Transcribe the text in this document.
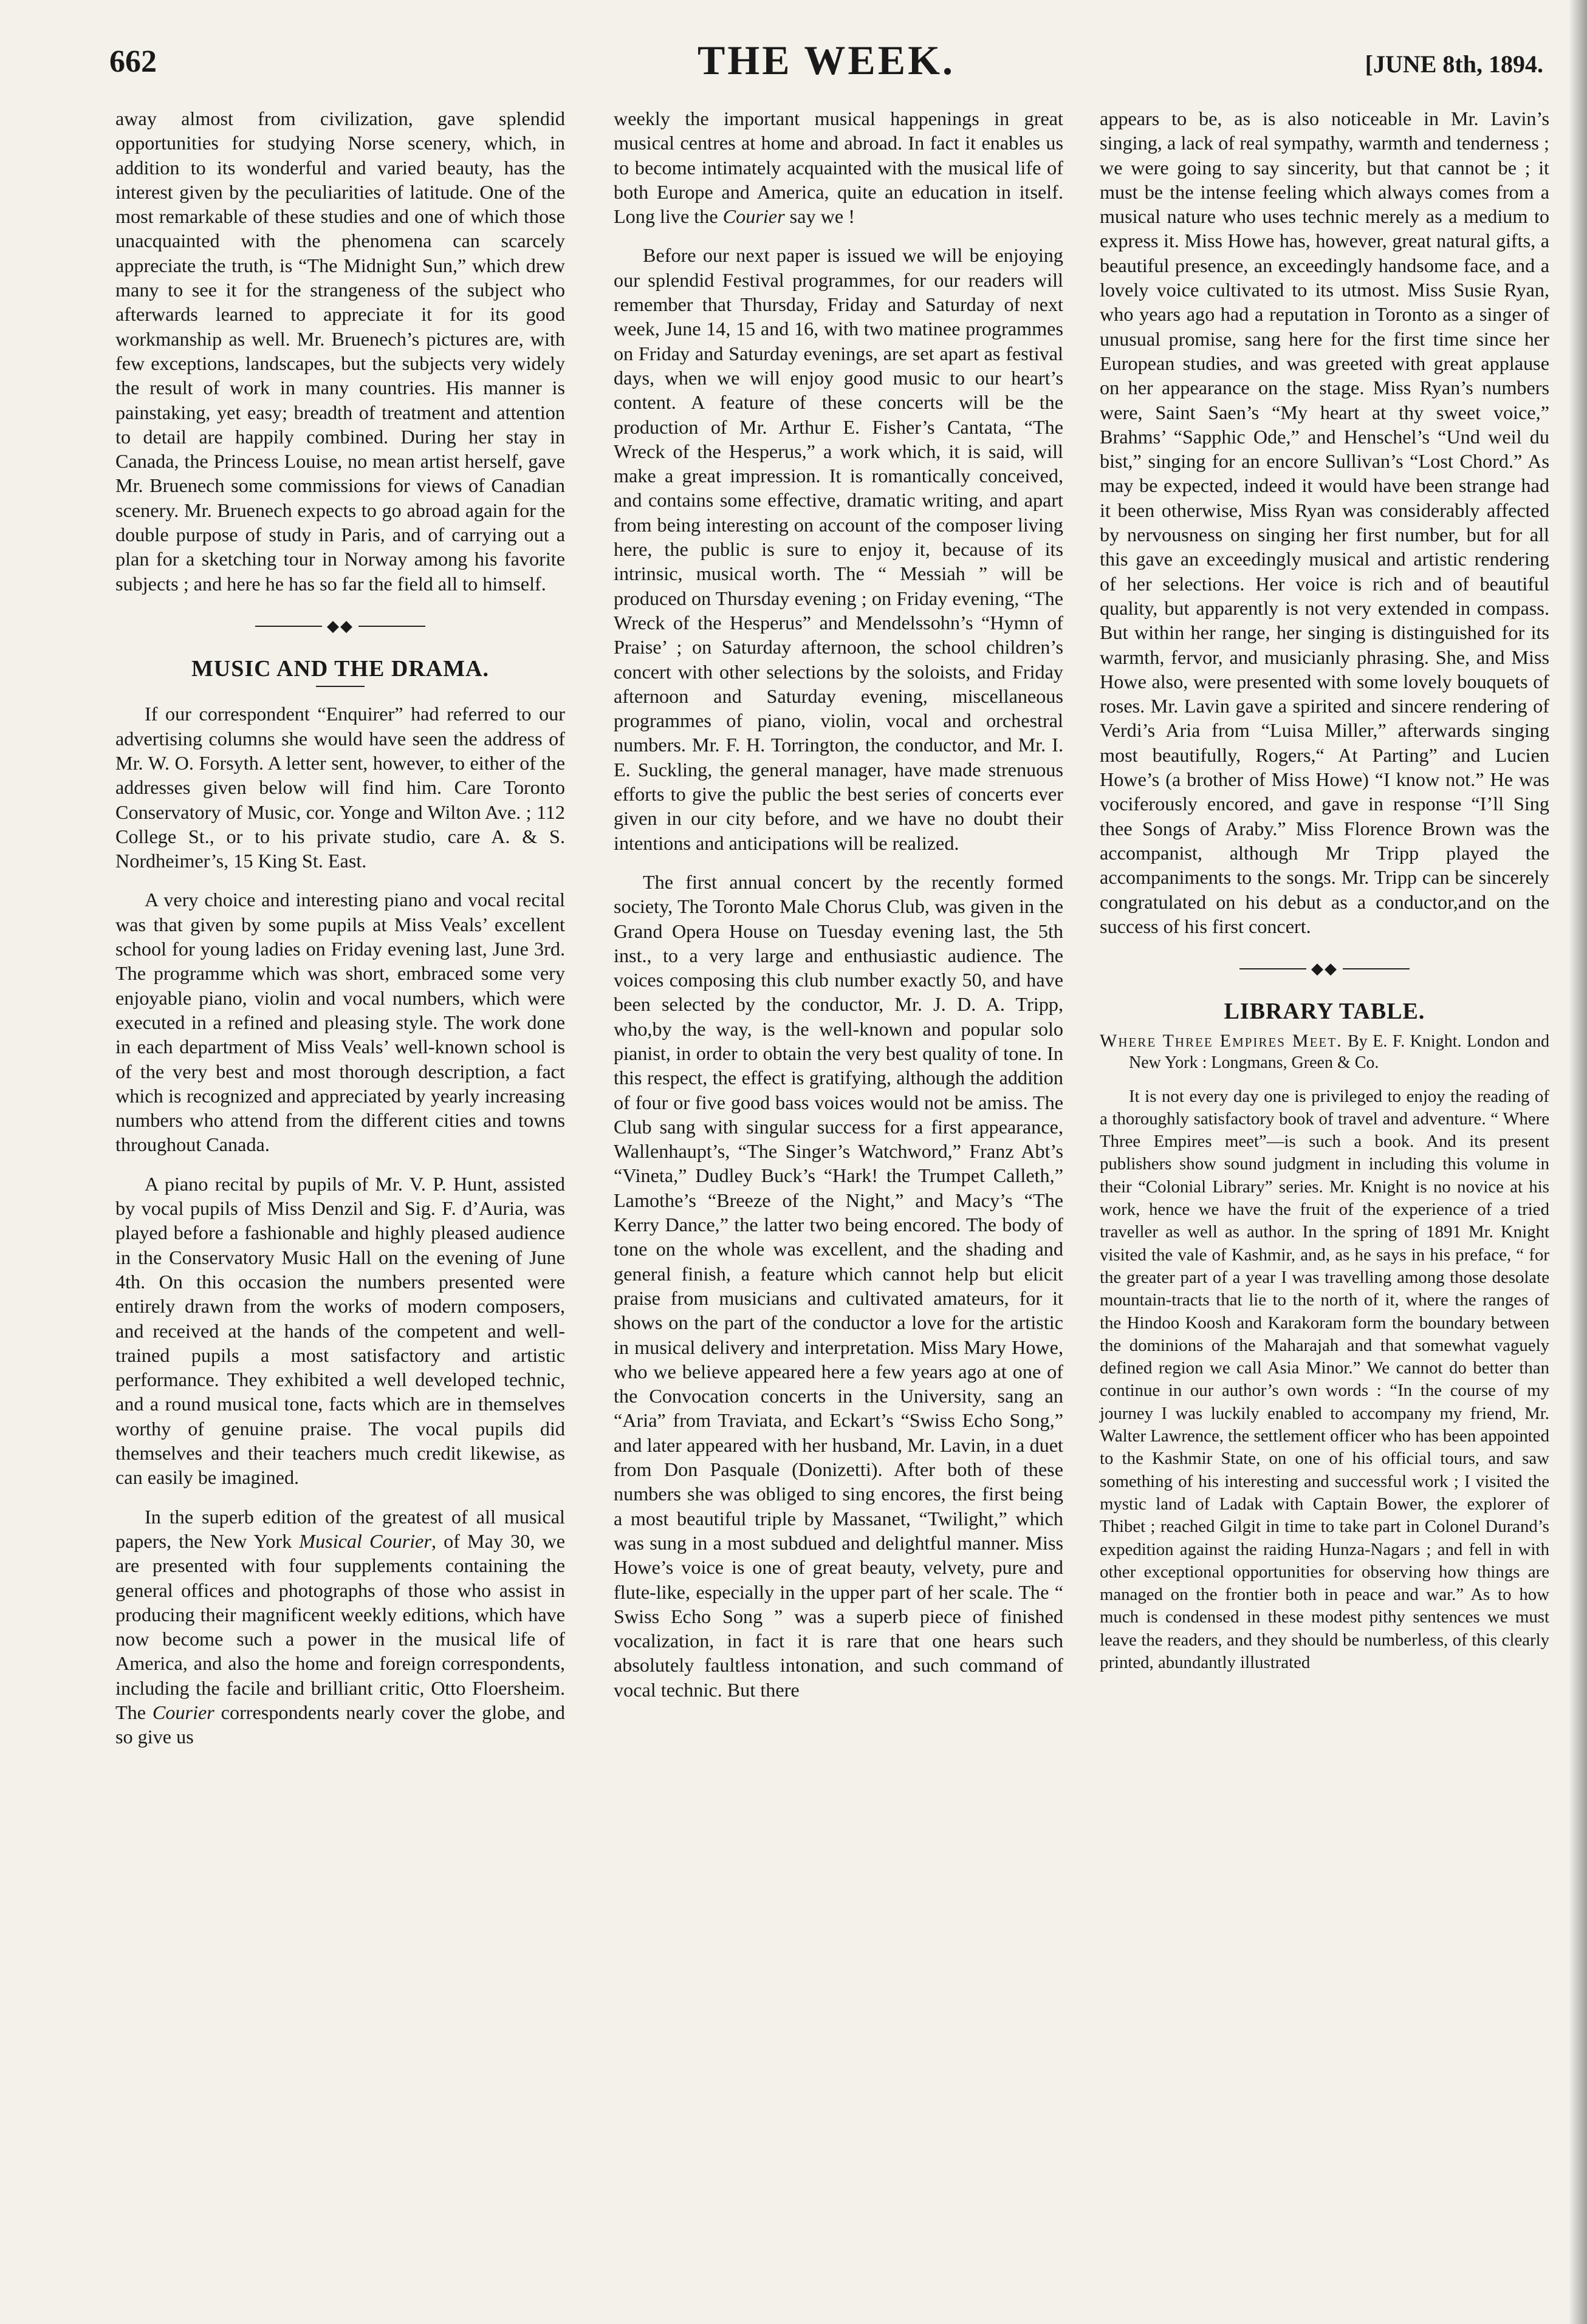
662	THE WEEK.	[JUNE 8th, 1894.

away almost from civilization, gave splendid opportunities for studying Norse scenery, which, in addition to its wonderful and varied beauty, has the interest given by the peculiarities of latitude. One of the most remarkable of these studies and one of which those unacquainted with the phenomena can scarcely appreciate the truth, is “The Midnight Sun,” which drew many to see it for the strangeness of the subject who afterwards learned to appreciate it for its good workmanship as well. Mr. Bruenech’s pictures are, with few exceptions, landscapes, but the subjects very widely the result of work in many countries. His manner is painstaking, yet easy; breadth of treatment and attention to detail are happily combined. During her stay in Canada, the Princess Louise, no mean artist herself, gave Mr. Bruenech some commissions for views of Canadian scenery. Mr. Bruenech expects to go abroad again for the double purpose of study in Paris, and of carrying out a plan for a sketching tour in Norway among his favorite subjects ; and here he has so far the field all to himself.

◆◆
MUSIC AND THE DRAMA.

If our correspondent “Enquirer” had referred to our advertising columns she would have seen the address of Mr. W. O. Forsyth. A letter sent, however, to either of the addresses given below will find him. Care Toronto Conservatory of Music, cor. Yonge and Wilton Ave. ; 112 College St., or to his private studio, care A. & S. Nordheimer’s, 15 King St. East.

A very choice and interesting piano and vocal recital was that given by some pupils at Miss Veals’ excellent school for young ladies on Friday evening last, June 3rd. The programme which was short, embraced some very enjoyable piano, violin and vocal numbers, which were executed in a refined and pleasing style. The work done in each department of Miss Veals’ well-known school is of the very best and most thorough description, a fact which is recognized and appreciated by yearly increasing numbers who attend from the different cities and towns throughout Canada.

A piano recital by pupils of Mr. V. P. Hunt, assisted by vocal pupils of Miss Denzil and Sig. F. d’Auria, was played before a fashionable and highly pleased audience in the Conservatory Music Hall on the evening of June 4th. On this occasion the numbers presented were entirely drawn from the works of modern composers, and received at the hands of the competent and well-trained pupils a most satisfactory and artistic performance. They exhibited a well developed technic, and a round musical tone, facts which are in themselves worthy of genuine praise. The vocal pupils did themselves and their teachers much credit likewise, as can easily be imagined.

In the superb edition of the greatest of all musical papers, the New York Musical Courier, of May 30, we are presented with four supplements containing the general offices and photographs of those who assist in producing their magnificent weekly editions, which have now become such a power in the musical life of America, and also the home and foreign correspondents, including the facile and brilliant critic, Otto Floersheim. The Courier correspondents nearly cover the globe, and so give us

weekly the important musical happenings in great musical centres at home and abroad. In fact it enables us to become intimately acquainted with the musical life of both Europe and America, quite an education in itself. Long live the Courier say we !

Before our next paper is issued we will be enjoying our splendid Festival programmes, for our readers will remember that Thursday, Friday and Saturday of next week, June 14, 15 and 16, with two matinee programmes on Friday and Saturday evenings, are set apart as festival days, when we will enjoy good music to our heart’s content. A feature of these concerts will be the production of Mr. Arthur E. Fisher’s Cantata, “The Wreck of the Hesperus,” a work which, it is said, will make a great impression. It is romantically conceived, and contains some effective, dramatic writing, and apart from being interesting on account of the composer living here, the public is sure to enjoy it, because of its intrinsic, musical worth. The “ Messiah ” will be produced on Thursday evening ; on Friday evening, “The Wreck of the Hesperus” and Mendelssohn’s “Hymn of Praise’ ; on Saturday afternoon, the school children’s concert with other selections by the soloists, and Friday afternoon and Saturday evening, miscellaneous programmes of piano, violin, vocal and orchestral numbers. Mr. F. H. Torrington, the conductor, and Mr. I. E. Suckling, the general manager, have made strenuous efforts to give the public the best series of concerts ever given in our city before, and we have no doubt their intentions and anticipations will be realized.

The first annual concert by the recently formed society, The Toronto Male Chorus Club, was given in the Grand Opera House on Tuesday evening last, the 5th inst., to a very large and enthusiastic audience. The voices composing this club number exactly 50, and have been selected by the conductor, Mr. J. D. A. Tripp, who,by the way, is the well-known and popular solo pianist, in order to obtain the very best quality of tone. In this respect, the effect is gratifying, although the addition of four or five good bass voices would not be amiss. The Club sang with singular success for a first appearance, Wallenhaupt’s, “The Singer’s Watchword,” Franz Abt’s “Vineta,” Dudley Buck’s “Hark! the Trumpet Calleth,” Lamothe’s “Breeze of the Night,” and Macy’s “The Kerry Dance,” the latter two being encored. The body of tone on the whole was excellent, and the shading and general finish, a feature which cannot help but elicit praise from musicians and cultivated amateurs, for it shows on the part of the conductor a love for the artistic in musical delivery and interpretation. Miss Mary Howe, who we believe appeared here a few years ago at one of the Convocation concerts in the University, sang an “Aria” from Traviata, and Eckart’s “Swiss Echo Song,” and later appeared with her husband, Mr. Lavin, in a duet from Don Pasquale (Donizetti). After both of these numbers she was obliged to sing encores, the first being a most beautiful triple by Massanet, “Twilight,” which was sung in a most subdued and delightful manner. Miss Howe’s voice is one of great beauty, velvety, pure and flute-like, especially in the upper part of her scale. The “ Swiss Echo Song ” was a superb piece of finished vocalization, in fact it is rare that one hears such absolutely faultless intonation, and such command of vocal technic. But there

appears to be, as is also noticeable in Mr. Lavin’s singing, a lack of real sympathy, warmth and tenderness ; we were going to say sincerity, but that cannot be ; it must be the intense feeling which always comes from a musical nature who uses technic merely as a medium to express it. Miss Howe has, however, great natural gifts, a beautiful presence, an exceedingly handsome face, and a lovely voice cultivated to its utmost. Miss Susie Ryan, who years ago had a reputation in Toronto as a singer of unusual promise, sang here for the first time since her European studies, and was greeted with great applause on her appearance on the stage. Miss Ryan’s numbers were, Saint Saen’s “My heart at thy sweet voice,” Brahms’ “Sapphic Ode,” and Henschel’s “Und weil du bist,” singing for an encore Sullivan’s “Lost Chord.” As may be expected, indeed it would have been strange had it been otherwise, Miss Ryan was considerably affected by nervousness on singing her first number, but for all this gave an exceedingly musical and artistic rendering of her selections. Her voice is rich and of beautiful quality, but apparently is not very extended in compass. But within her range, her singing is distinguished for its warmth, fervor, and musicianly phrasing. She, and Miss Howe also, were presented with some lovely bouquets of roses. Mr. Lavin gave a spirited and sincere rendering of Verdi’s Aria from “Luisa Miller,” afterwards singing most beautifully, Rogers,“ At Parting” and Lucien Howe’s (a brother of Miss Howe) “I know not.” He was vociferously encored, and gave in response “I’ll Sing thee Songs of Araby.” Miss Florence Brown was the accompanist, although Mr Tripp played the accompaniments to the songs. Mr. Tripp can be sincerely congratulated on his debut as a conductor,and on the success of his first concert.

◆◆
LIBRARY TABLE.
Where Three Empires Meet. By E. F. Knight. London and New York : Longmans, Green & Co.

It is not every day one is privileged to enjoy the reading of a thoroughly satisfactory book of travel and adventure. “ Where Three Empires meet”—is such a book. And its present publishers show sound judgment in including this volume in their “Colonial Library” series. Mr. Knight is no novice at his work, hence we have the fruit of the experience of a tried traveller as well as author. In the spring of 1891 Mr. Knight visited the vale of Kashmir, and, as he says in his preface, “ for the greater part of a year I was travelling among those desolate mountain-tracts that lie to the north of it, where the ranges of the Hindoo Koosh and Karakoram form the boundary between the dominions of the Maharajah and that somewhat vaguely defined region we call Asia Minor.” We cannot do better than continue in our author’s own words : “In the course of my journey I was luckily enabled to accompany my friend, Mr. Walter Lawrence, the settlement officer who has been appointed to the Kashmir State, on one of his official tours, and saw something of his interesting and successful work ; I visited the mystic land of Ladak with Captain Bower, the explorer of Thibet ; reached Gilgit in time to take part in Colonel Durand’s expedition against the raiding Hunza-Nagars ; and fell in with other exceptional opportunities for observing how things are managed on the frontier both in peace and war.” As to how much is condensed in these modest pithy sentences we must leave the readers, and they should be numberless, of this clearly printed, abundantly illustrated
